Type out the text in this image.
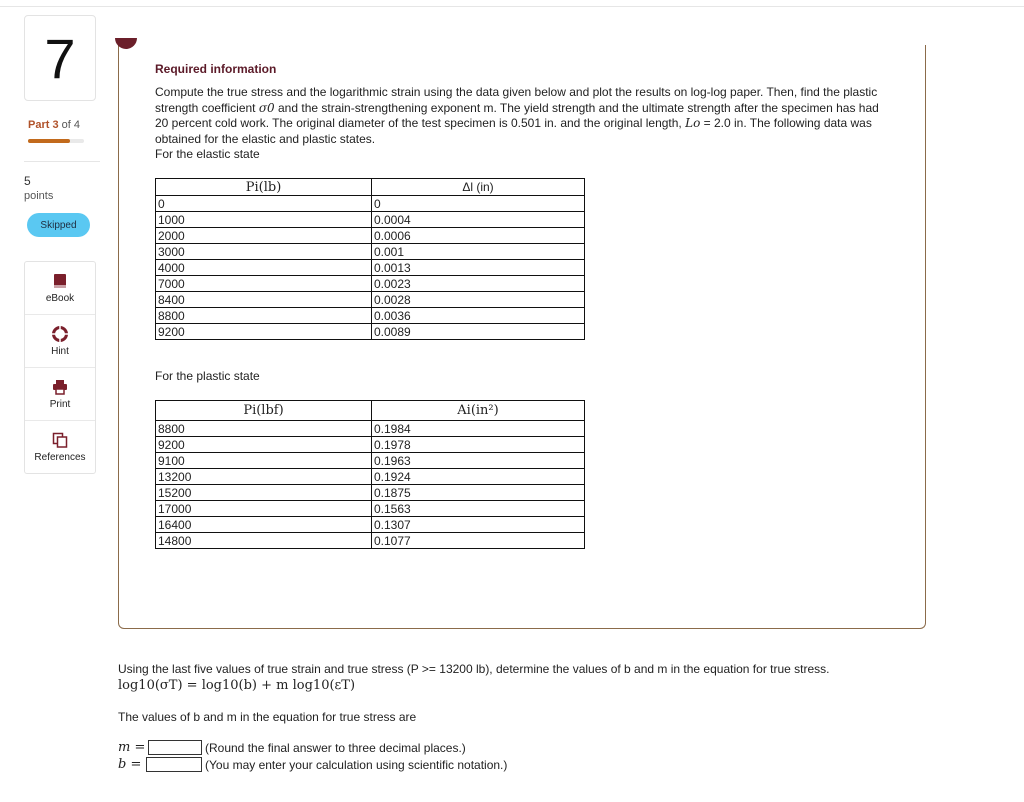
7
Part 3 of 4
5
points
Skipped
eBook
Hint
Print
References
Required information
Compute the true stress and the logarithmic strain using the data given below and plot the results on log-log paper. Then, find the plastic strength coefficient σ0 and the strain-strengthening exponent m. The yield strength and the ultimate strength after the specimen has had 20 percent cold work. The original diameter of the test specimen is 0.501 in. and the original length, Lo = 2.0 in. The following data was obtained for the elastic and plastic states.
For the elastic state
Pi(lb)	Δl (in)
0	0
1000	0.0004
2000	0.0006
3000	0.001
4000	0.0013
7000	0.0023
8400	0.0028
8800	0.0036
9200	0.0089
For the plastic state
Pi(lbf)	Ai(in²)
8800	0.1984
9200	0.1978
9100	0.1963
13200	0.1924
15200	0.1875
17000	0.1563
16400	0.1307
14800	0.1077
Using the last five values of true strain and true stress (P >= 13200 lb), determine the values of b and m in the equation for true stress.
log10(σT) = log10(b) + m log10(εT)
The values of b and m in the equation for true stress are
m =	(Round the final answer to three decimal places.)
b =	(You may enter your calculation using scientific notation.)
